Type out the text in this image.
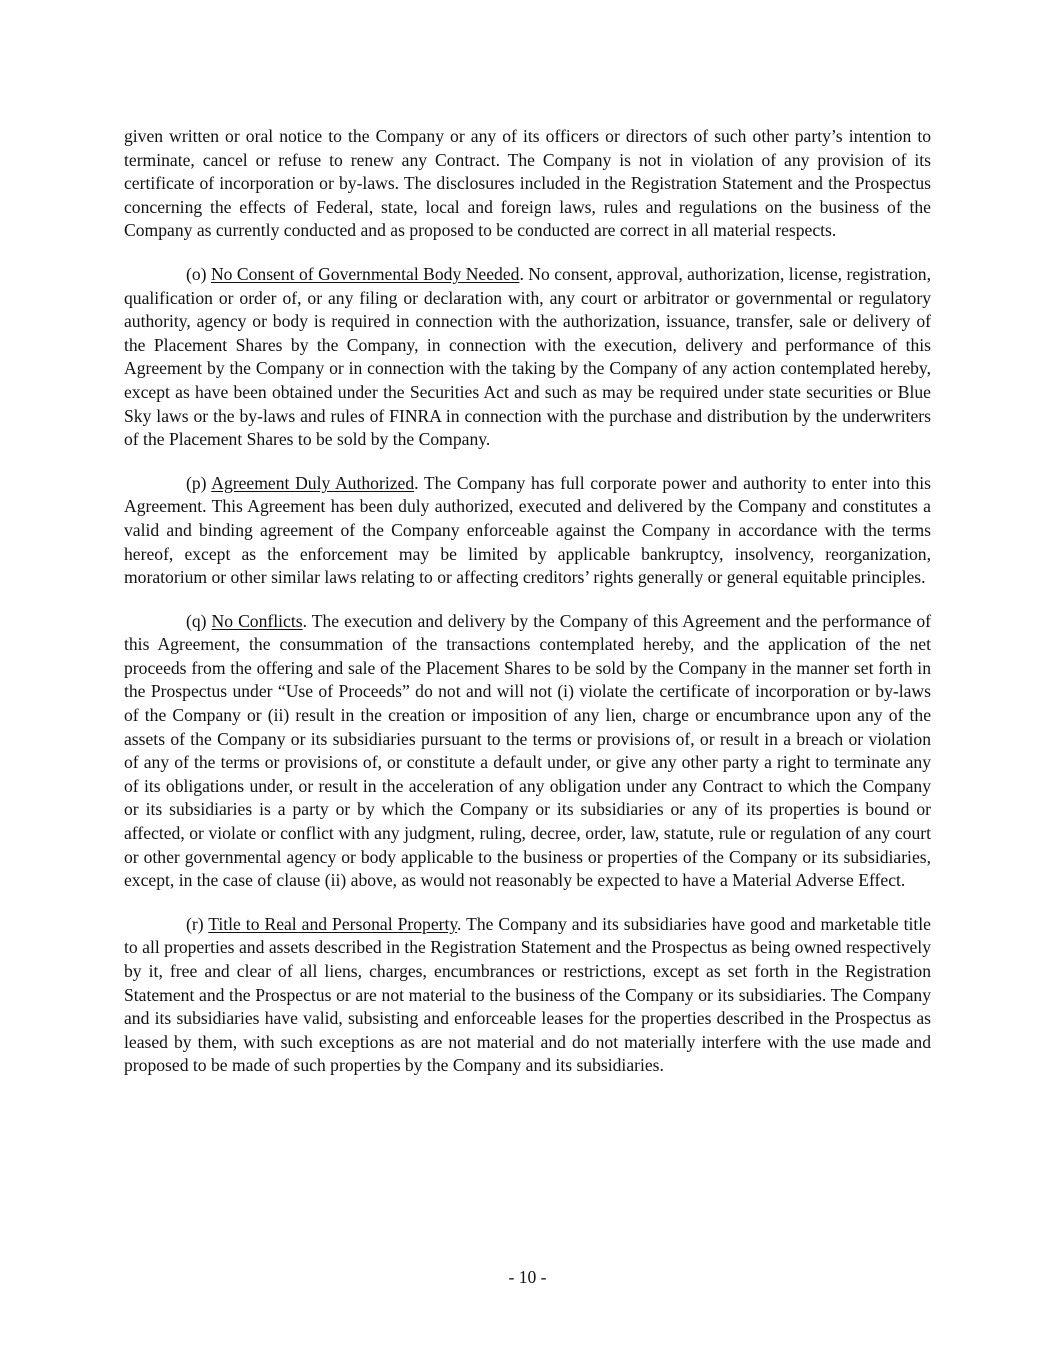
given written or oral notice to the Company or any of its officers or directors of such other party’s intention to terminate, cancel or refuse to renew any Contract. The Company is not in violation of any provision of its certificate of incorporation or by-laws. The disclosures included in the Registration Statement and the Prospectus concerning the effects of Federal, state, local and foreign laws, rules and regulations on the business of the Company as currently conducted and as proposed to be conducted are correct in all material respects.

(o) No Consent of Governmental Body Needed. No consent, approval, authorization, license, registration, qualification or order of, or any filing or declaration with, any court or arbitrator or governmental or regulatory authority, agency or body is required in connection with the authorization, issuance, transfer, sale or delivery of the Placement Shares by the Company, in connection with the execution, delivery and performance of this Agreement by the Company or in connection with the taking by the Company of any action contemplated hereby, except as have been obtained under the Securities Act and such as may be required under state securities or Blue Sky laws or the by-laws and rules of FINRA in connection with the purchase and distribution by the underwriters of the Placement Shares to be sold by the Company.

(p) Agreement Duly Authorized. The Company has full corporate power and authority to enter into this Agreement. This Agreement has been duly authorized, executed and delivered by the Company and constitutes a valid and binding agreement of the Company enforceable against the Company in accordance with the terms hereof, except as the enforcement may be limited by applicable bankruptcy, insolvency, reorganization, moratorium or other similar laws relating to or affecting creditors’ rights generally or general equitable principles.

(q) No Conflicts. The execution and delivery by the Company of this Agreement and the performance of this Agreement, the consummation of the transactions contemplated hereby, and the application of the net proceeds from the offering and sale of the Placement Shares to be sold by the Company in the manner set forth in the Prospectus under “Use of Proceeds” do not and will not (i) violate the certificate of incorporation or by-laws of the Company or (ii) result in the creation or imposition of any lien, charge or encumbrance upon any of the assets of the Company or its subsidiaries pursuant to the terms or provisions of, or result in a breach or violation of any of the terms or provisions of, or constitute a default under, or give any other party a right to terminate any of its obligations under, or result in the acceleration of any obligation under any Contract to which the Company or its subsidiaries is a party or by which the Company or its subsidiaries or any of its properties is bound or affected, or violate or conflict with any judgment, ruling, decree, order, law, statute, rule or regulation of any court or other governmental agency or body applicable to the business or properties of the Company or its subsidiaries, except, in the case of clause (ii) above, as would not reasonably be expected to have a Material Adverse Effect.

(r) Title to Real and Personal Property. The Company and its subsidiaries have good and marketable title to all properties and assets described in the Registration Statement and the Prospectus as being owned respectively by it, free and clear of all liens, charges, encumbrances or restrictions, except as set forth in the Registration Statement and the Prospectus or are not material to the business of the Company or its subsidiaries. The Company and its subsidiaries have valid, subsisting and enforceable leases for the properties described in the Prospectus as leased by them, with such exceptions as are not material and do not materially interfere with the use made and proposed to be made of such properties by the Company and its subsidiaries.

- 10 -
